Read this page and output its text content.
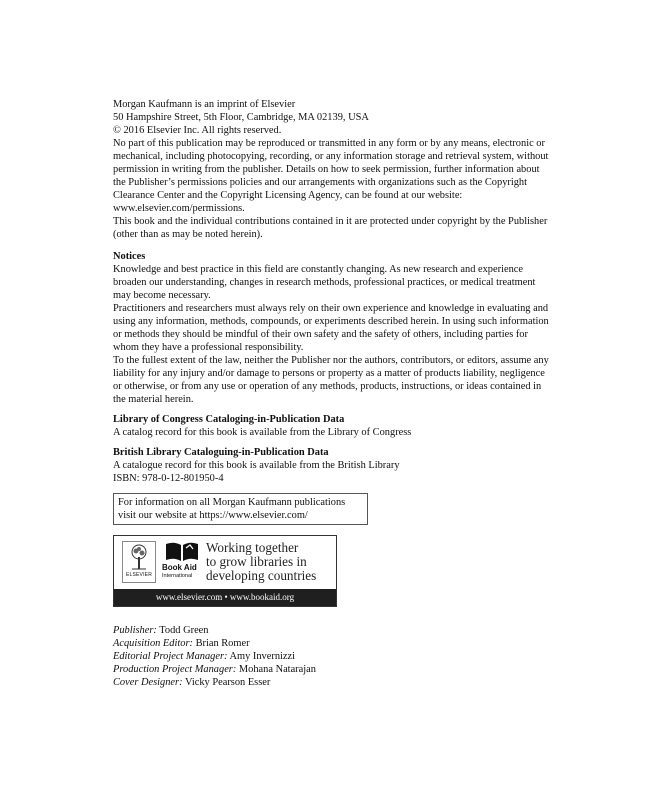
Morgan Kaufmann is an imprint of Elsevier

50 Hampshire Street, 5th Floor, Cambridge, MA 02139, USA

© 2016 Elsevier Inc. All rights reserved.

No part of this publication may be reproduced or transmitted in any form or by any means, electronic or mechanical, including photocopying, recording, or any information storage and retrieval system, without permission in writing from the publisher. Details on how to seek permission, further information about the Publisher’s permissions policies and our arrangements with organizations such as the Copyright Clearance Center and the Copyright Licensing Agency, can be found at our website: www.elsevier.com/permissions.

This book and the individual contributions contained in it are protected under copyright by the Publisher (other than as may be noted herein).

Notices

Knowledge and best practice in this field are constantly changing. As new research and experience broaden our understanding, changes in research methods, professional practices, or medical treatment may become necessary.

Practitioners and researchers must always rely on their own experience and knowledge in evaluating and using any information, methods, compounds, or experiments described herein. In using such information or methods they should be mindful of their own safety and the safety of others, including parties for whom they have a professional responsibility.

To the fullest extent of the law, neither the Publisher nor the authors, contributors, or editors, assume any liability for any injury and/or damage to persons or property as a matter of products liability, negligence or otherwise, or from any use or operation of any methods, products, instructions, or ideas contained in the material herein.

Library of Congress Cataloging-in-Publication Data

A catalog record for this book is available from the Library of Congress

British Library Cataloguing-in-Publication Data

A catalogue record for this book is available from the British Library

ISBN: 978-0-12-801950-4

For information on all Morgan Kaufmann publications

visit our website at https://www.elsevier.com/

ELSEVIER
Book Aid
International
Working together
to grow libraries in
developing countries
www.elsevier.com • www.bookaid.org

Publisher: Todd Green

Acquisition Editor: Brian Romer

Editorial Project Manager: Amy Invernizzi

Production Project Manager: Mohana Natarajan

Cover Designer: Vicky Pearson Esser
